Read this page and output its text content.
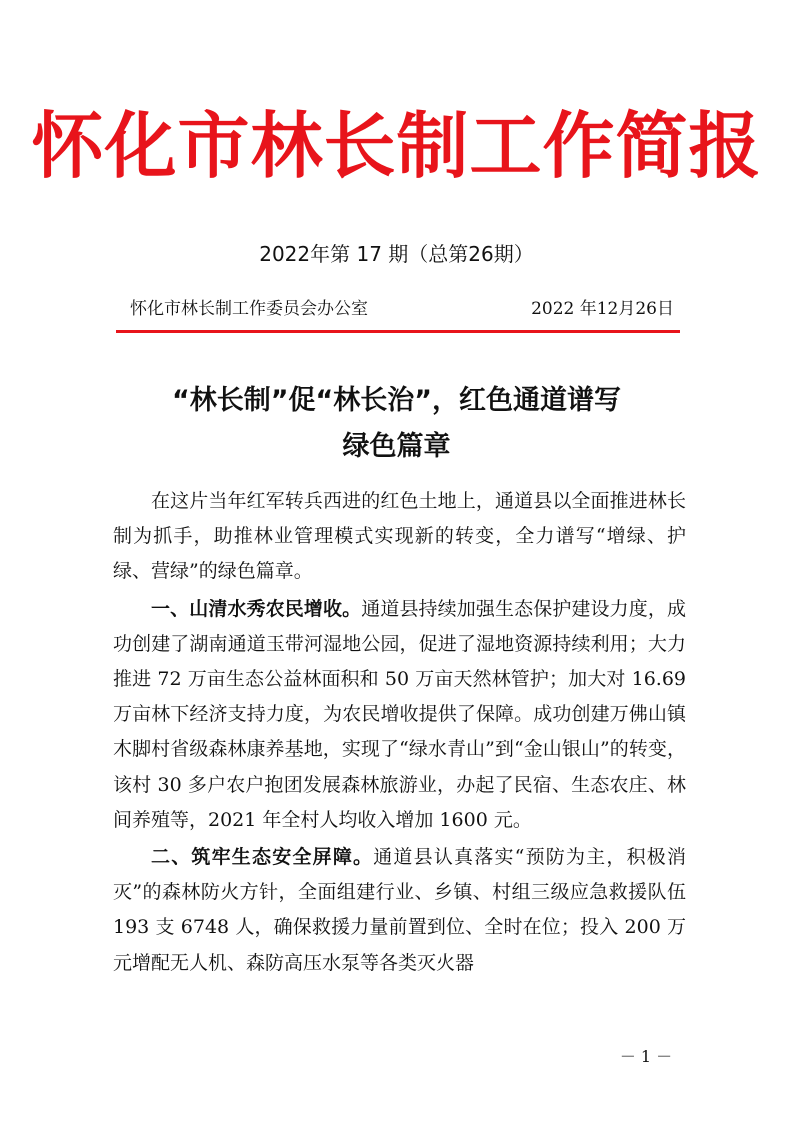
怀化市林长制工作简报
2022年第 17 期（总第26期）
怀化市林长制工作委员会办公室	2022 年12月26日
“林长制”促“林长治”，红色通道谱写
绿色篇章

在这片当年红军转兵西进的红色土地上，通道县以全面推进林长制为抓手，助推林业管理模式实现新的转变，全力谱写“增绿、护绿、营绿”的绿色篇章。

一、山清水秀农民增收。通道县持续加强生态保护建设力度，成功创建了湖南通道玉带河湿地公园，促进了湿地资源持续利用；大力推进 72 万亩生态公益林面积和 50 万亩天然林管护；加大对 16.69 万亩林下经济支持力度，为农民增收提供了保障。成功创建万佛山镇木脚村省级森林康养基地，实现了“绿水青山”到“金山银山”的转变，该村 30 多户农户抱团发展森林旅游业，办起了民宿、生态农庄、林间养殖等，2021 年全村人均收入增加 1600 元。

二、筑牢生态安全屏障。通道县认真落实“预防为主，积极消灭”的森林防火方针，全面组建行业、乡镇、村组三级应急救援队伍 193 支 6748 人，确保救援力量前置到位、全时在位；投入 200 万元增配无人机、森防高压水泵等各类灭火器

－ 1 －
